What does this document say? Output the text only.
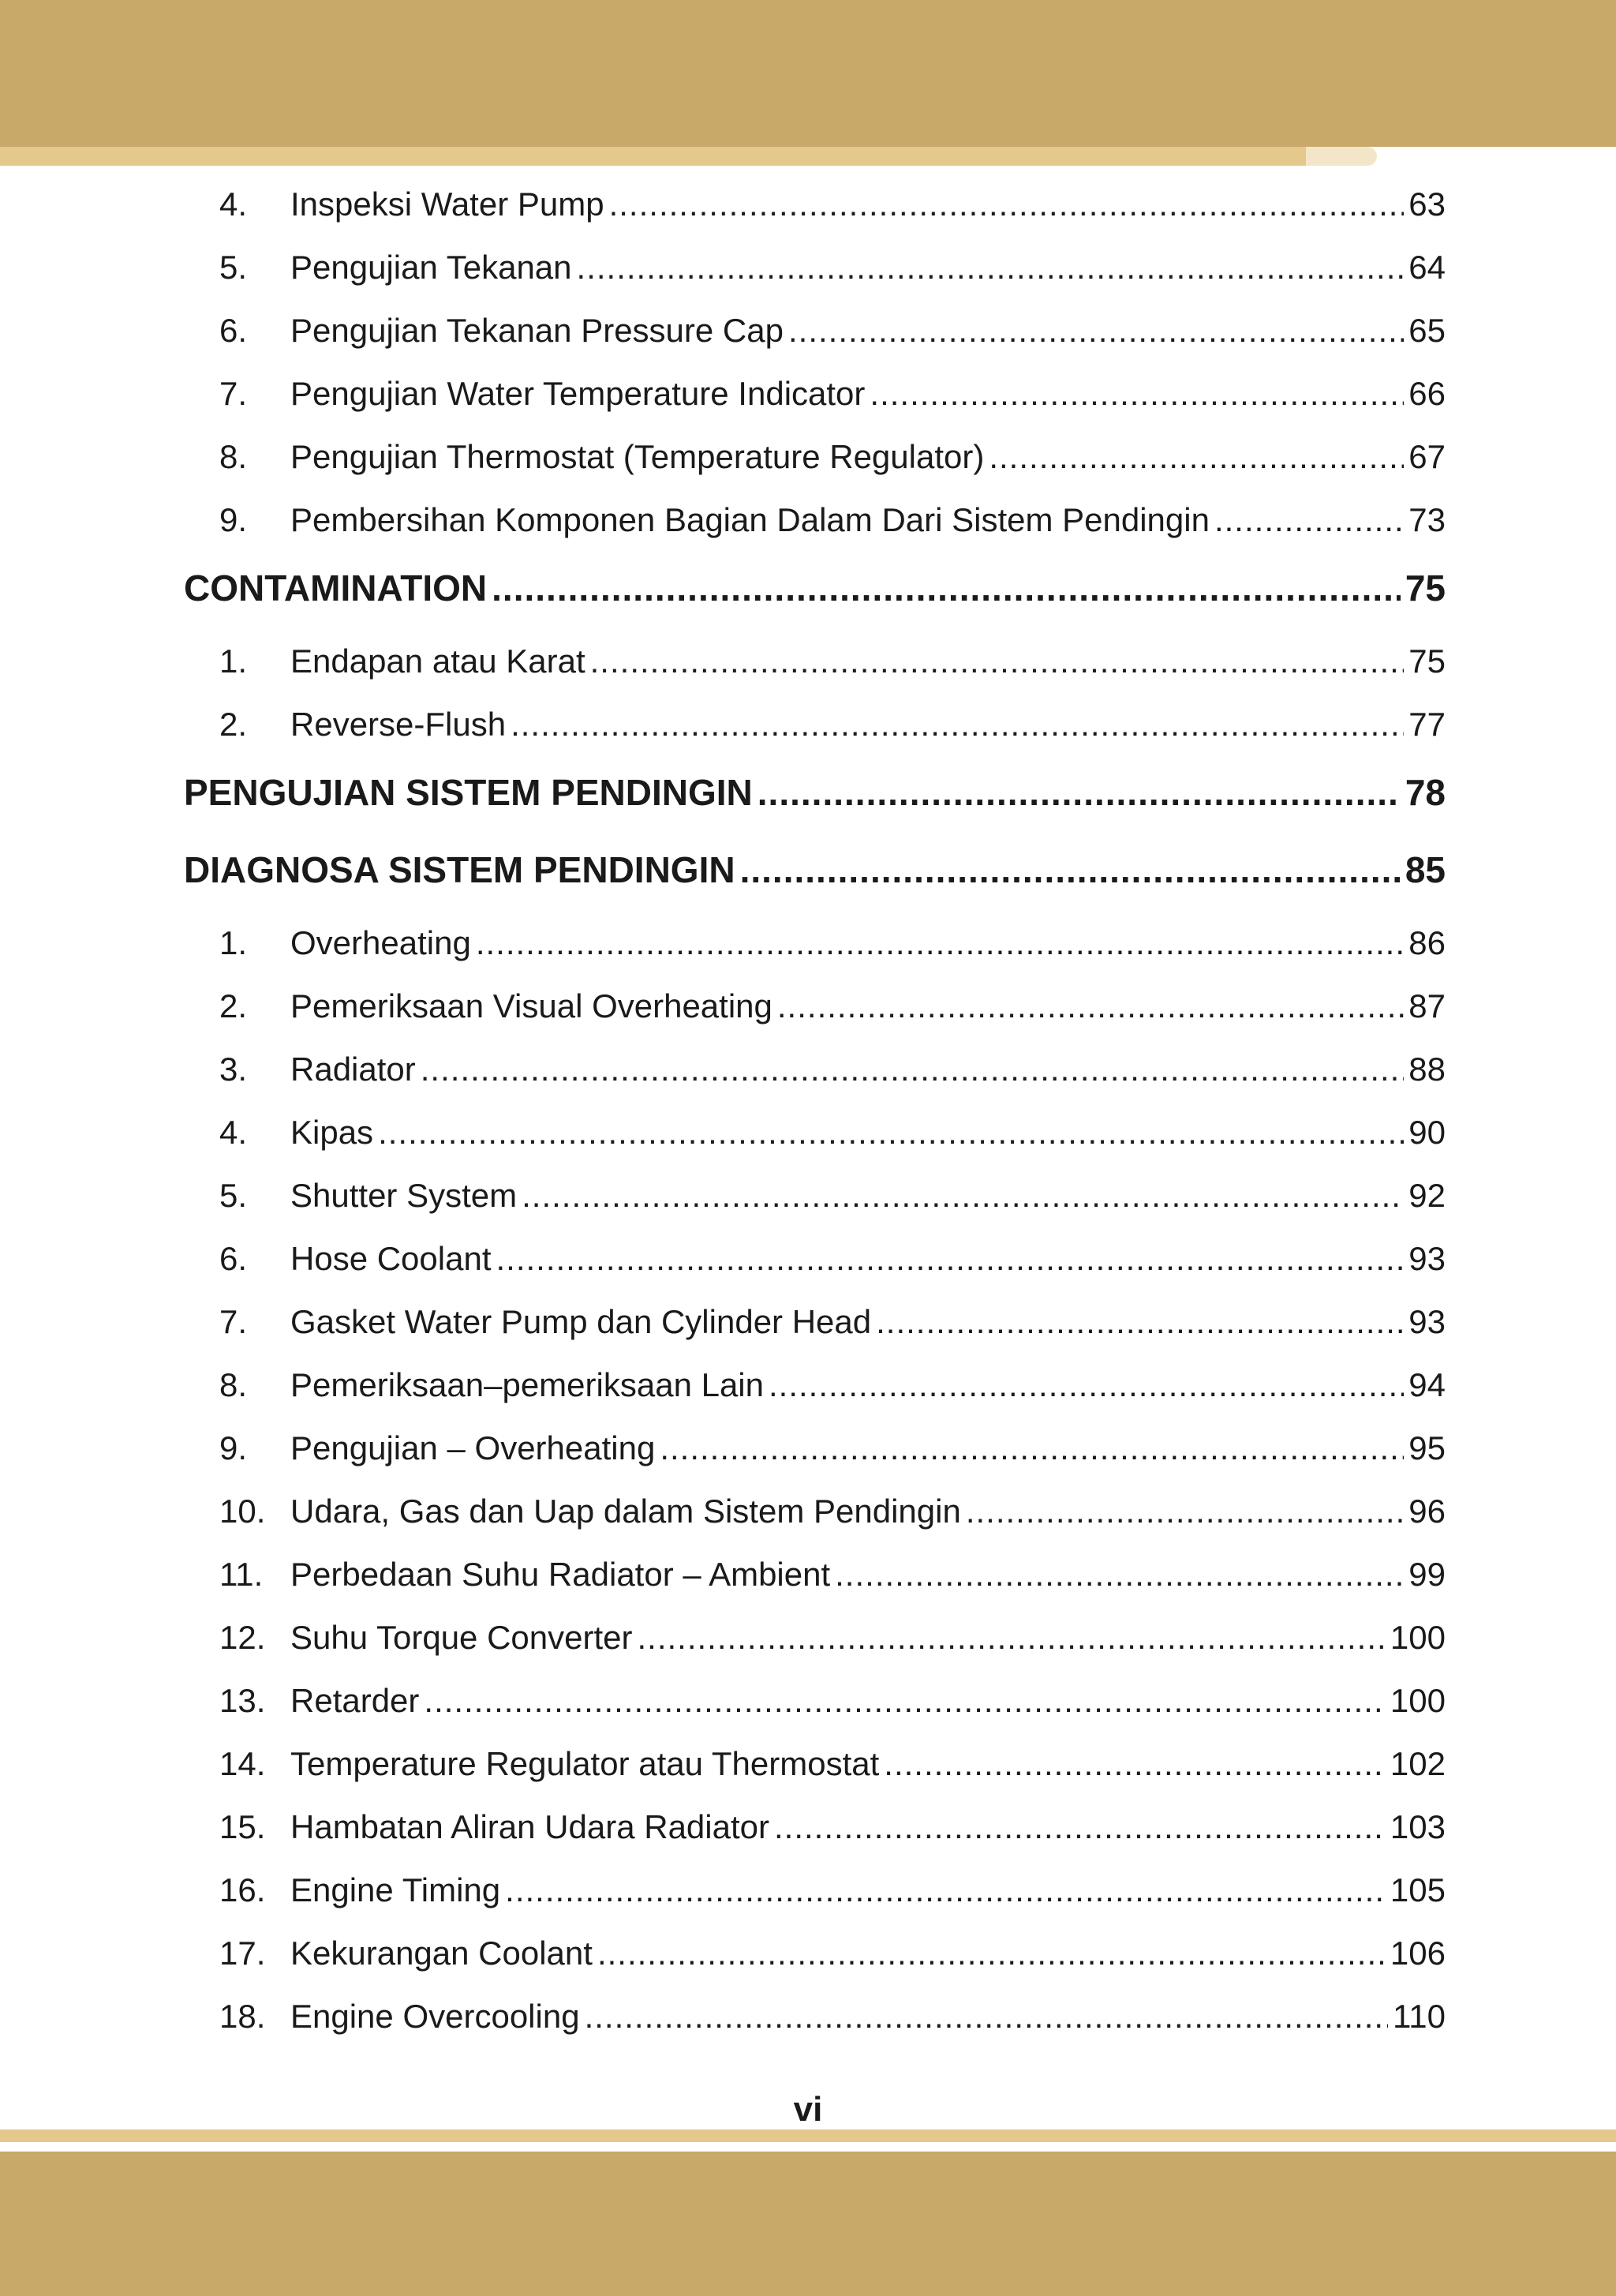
4. Inspeksi Water Pump .....	63
5. Pengujian Tekanan .....	64
6. Pengujian Tekanan Pressure Cap .....	65
7. Pengujian Water Temperature Indicator .....	66
8. Pengujian Thermostat (Temperature Regulator) .....	67
9. Pembersihan Komponen Bagian Dalam Dari Sistem Pendingin .....	73
CONTAMINATION .....	75
1. Endapan atau Karat .....	75
2. Reverse-Flush .....	77
PENGUJIAN SISTEM PENDINGIN .....	78
DIAGNOSA SISTEM PENDINGIN .....	85
1. Overheating .....	86
2. Pemeriksaan Visual Overheating .....	87
3. Radiator .....	88
4. Kipas .....	90
5. Shutter System .....	92
6. Hose Coolant .....	93
7. Gasket Water Pump dan Cylinder Head .....	93
8. Pemeriksaan–pemeriksaan Lain .....	94
9. Pengujian – Overheating .....	95
10. Udara, Gas dan Uap dalam Sistem Pendingin .....	96
11. Perbedaan Suhu Radiator – Ambient .....	99
12. Suhu Torque Converter .....	100
13. Retarder .....	100
14. Temperature Regulator atau Thermostat .....	102
15. Hambatan Aliran Udara Radiator .....	103
16. Engine Timing .....	105
17. Kekurangan Coolant .....	106
18. Engine Overcooling .....	110
vi
